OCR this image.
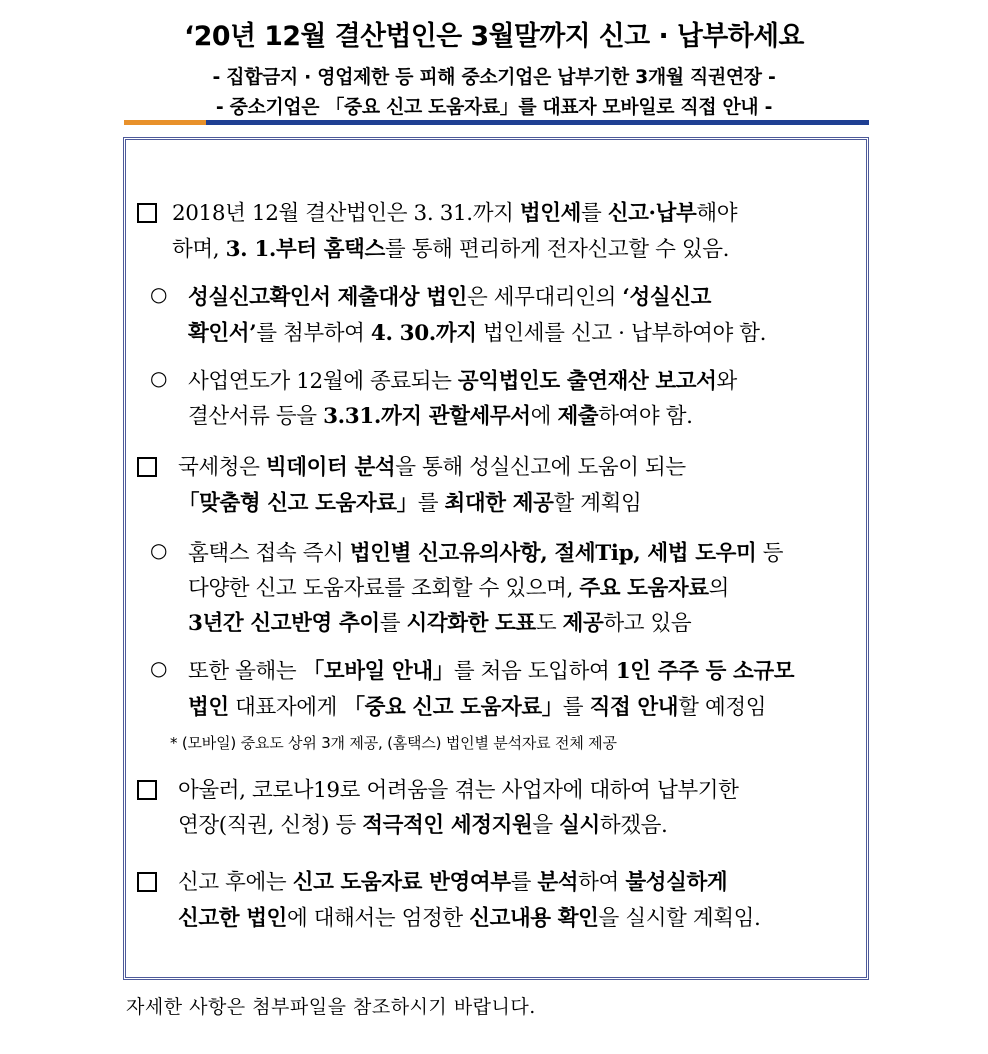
‘20년 12월 결산법인은 3월말까지 신고 · 납부하세요
- 집합금지 · 영업제한 등 피해 중소기업은 납부기한 3개월 직권연장 -
- 중소기업은 「중요 신고 도움자료」를 대표자 모바일로 직접 안내 -
2018년 12월 결산법인은 3. 31.까지 법인세를 신고·납부해야
하며, 3. 1.부터 홈택스를 통해 편리하게 전자신고할 수 있음.
○ 성실신고확인서 제출대상 법인은 세무대리인의 ‘성실신고
확인서’를 첨부하여 4. 30.까지 법인세를 신고 · 납부하여야 함.
○ 사업연도가 12월에 종료되는 공익법인도 출연재산 보고서와
결산서류 등을 3.31.까지 관할세무서에 제출하여야 함.
국세청은 빅데이터 분석을 통해 성실신고에 도움이 되는
「맞춤형 신고 도움자료」를 최대한 제공할 계획임
○ 홈택스 접속 즉시 법인별 신고유의사항, 절세Tip, 세법 도우미 등
다양한 신고 도움자료를 조회할 수 있으며, 주요 도움자료의
3년간 신고반영 추이를 시각화한 도표도 제공하고 있음
○ 또한 올해는 「모바일 안내」를 처음 도입하여 1인 주주 등 소규모
법인 대표자에게 「중요 신고 도움자료」를 직접 안내할 예정임
* (모바일) 중요도 상위 3개 제공, (홈택스) 법인별 분석자료 전체 제공
아울러, 코로나19로 어려움을 겪는 사업자에 대하여 납부기한
연장(직권, 신청) 등 적극적인 세정지원을 실시하겠음.
신고 후에는 신고 도움자료 반영여부를 분석하여 불성실하게
신고한 법인에 대해서는 엄정한 신고내용 확인을 실시할 계획임.
자세한 사항은 첨부파일을 참조하시기 바랍니다.
